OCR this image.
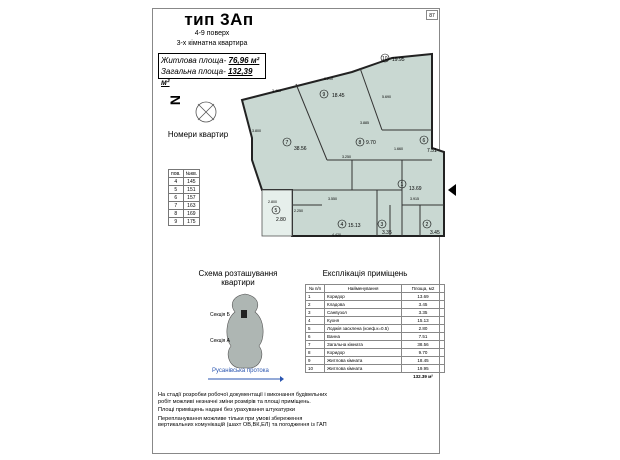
87
тип 3Ап
4-9 поверх
3-х кімнатна квартира
Житлова площа- 76,96 м²
Загальна площа- 132,39 м²
N	9 18.45
10 19.95
7
38.56
8 9.70
1
13.69
4 15.13	3
3.35
2
3.45
5
2.80
6
7.51
3.460
3.210
3.885
3.250
3.915
1.660
3.550
2.250
4.420
2.800
3.800
5.690
Номери квартир
пов.	№кв.
4	145
5	151
6	157
7	163
8	169
9	175
Схема розташування квартири
Секція Б
Секція А
Русанівська протока
Експлікація приміщень
№ п/п	Найменування	Площа, м2
1	Коридор	13.69
2	Кладова	3.45
3	Санвузол	3.35
4	Кухня	15.13
5	Лоджія засклена (коеф.к=0.5)	2.80
6	Ванна	7.51
7	Загальна кімната	38.56
8	Коридор	9.70
9	Житлова кімната	18.45
10	Житлова кімната	19.95
		132.39 м²

На стадії розробки робочої документації і виконання будівельних робіт можливі незначні зміни розмірів та площі приміщень.

Площі приміщень надані без урахування штукатурки

Перепланування можливе тільки при умові збереження вертикальних комунікацій (шахт ОВ,ВК,ЕЛ) та погодження із ГАП
